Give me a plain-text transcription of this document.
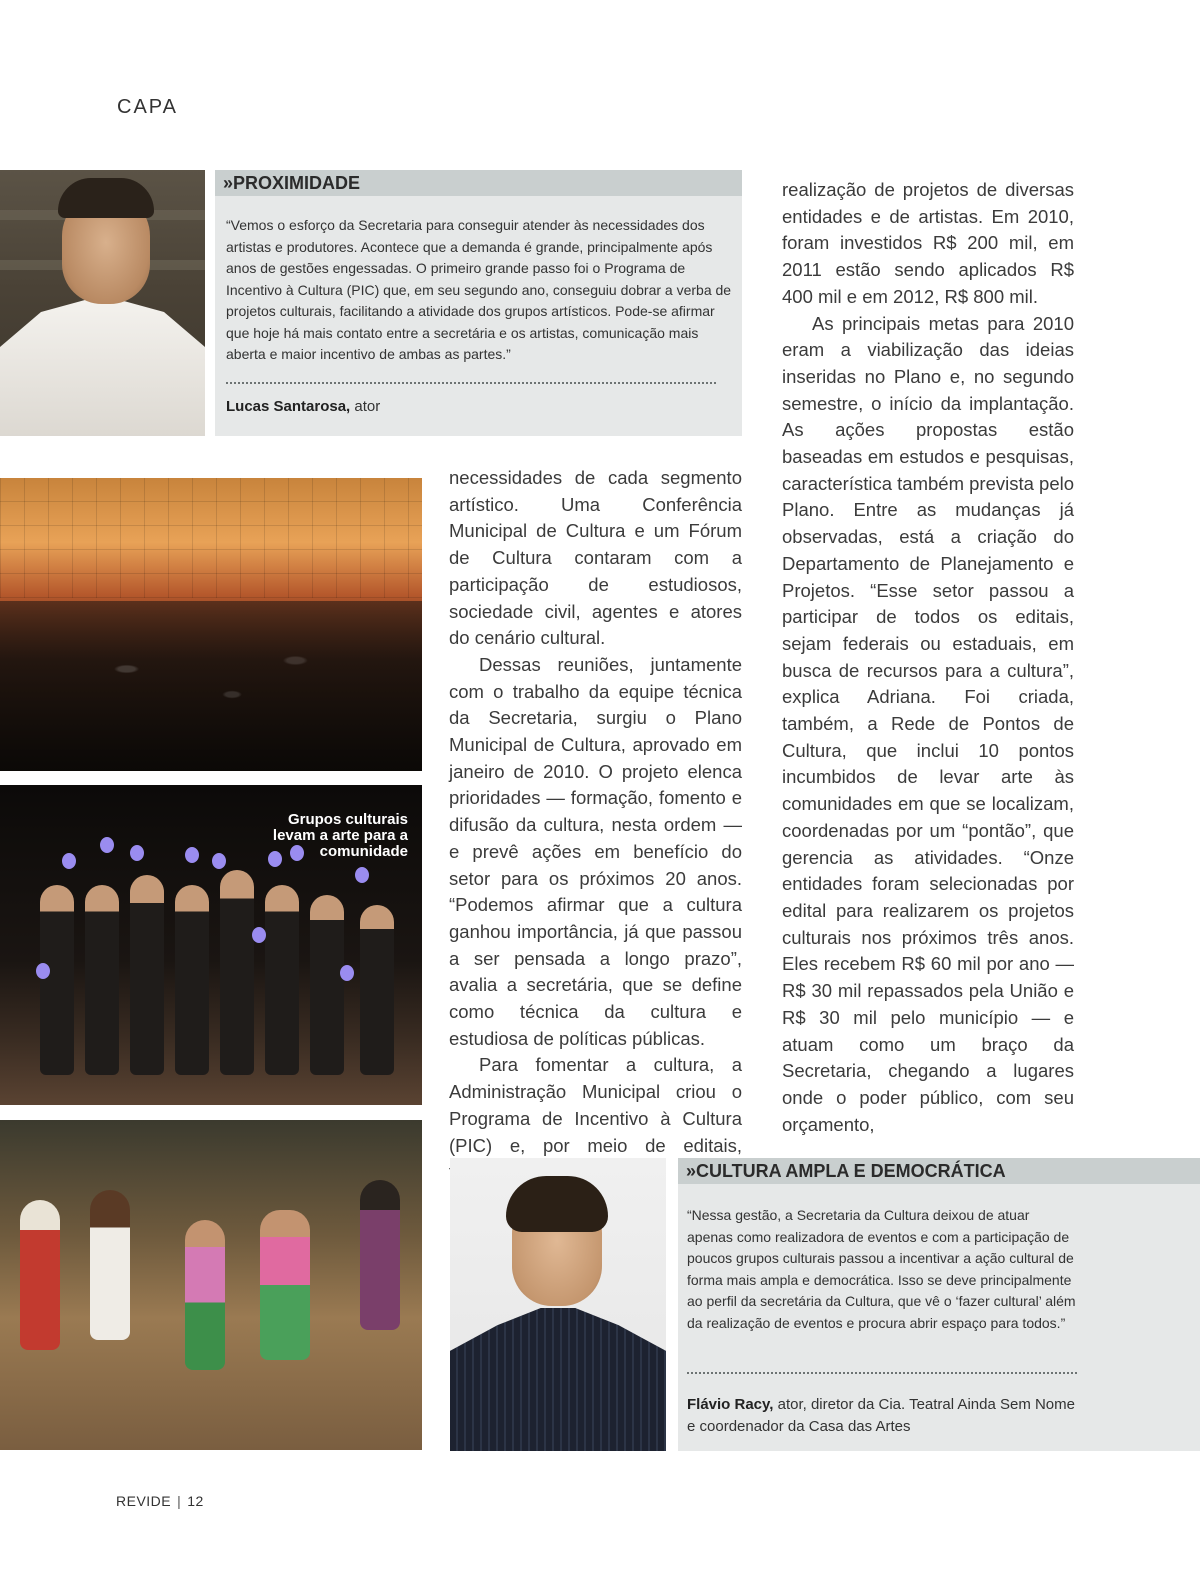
CAPA
»PROXIMIDADE

“Vemos o esforço da Secretaria para conseguir atender às necessidades dos artistas e produtores. Acontece que a demanda é grande, principalmente após anos de gestões engessadas. O primeiro grande passo foi o Programa de Incentivo à Cultura (PIC) que, em seu segundo ano, conseguiu dobrar a verba de projetos culturais, facilitando a atividade dos grupos artísticos. Pode-se afirmar que hoje há mais contato entre a secretária e os artistas, comunicação mais aberta e maior incentivo de ambas as partes.”

Lucas Santarosa, ator
Grupos culturais levam a arte para a comunidade

necessidades de cada segmento artístico. Uma Conferência Municipal de Cultura e um Fórum de Cultura contaram com a participação de estudiosos, sociedade civil, agentes e atores do cenário cultural.

Dessas reuniões, juntamente com o trabalho da equipe técnica da Secretaria, surgiu o Plano Municipal de Cultura, aprovado em janeiro de 2010. O projeto elenca prioridades — formação, fomento e difusão da cultura, nesta ordem — e prevê ações em benefício do setor para os próximos 20 anos. “Podemos afirmar que a cultura ganhou importância, já que passou a ser pensada a longo prazo”, avalia a secretária, que se define como técnica da cultura e estudiosa de políticas públicas.

Para fomentar a cultura, a Administração Municipal criou o Programa de Incentivo à Cultura (PIC) e, por meio de editais,

realização de projetos de diversas entidades e de artistas. Em 2010, foram investidos R$ 200 mil, em 2011 estão sendo aplicados R$ 400 mil e em 2012, R$ 800 mil.

As principais metas para 2010 eram a viabilização das ideias inseridas no Plano e, no segundo semestre, o início da implantação. As ações propostas estão baseadas em estudos e pesquisas, característica também prevista pelo Plano. Entre as mudanças já observadas, está a criação do Departamento de Planejamento e Projetos. “Esse setor passou a participar de todos os editais, sejam federais ou estaduais, em busca de recursos para a cultura”, explica Adriana. Foi criada, também, a Rede de Pontos de Cultura, que inclui 10 pontos incumbidos de levar arte às comunidades em que se localizam, coordenadas por um “pontão”, que gerencia as atividades. “Onze entidades foram selecionadas por edital para realizarem os projetos culturais nos próximos três anos. Eles recebem R$ 60 mil por ano — R$ 30 mil repassados pela União e R$ 30 mil pelo município — e atuam como um braço da Secretaria, chegando a lugares onde o poder público, com seu orçamento,

»CULTURA AMPLA E DEMOCRÁTICA

“Nessa gestão, a Secretaria da Cultura deixou de atuar apenas como realizadora de eventos e com a participação de poucos grupos culturais passou a incentivar a ação cultural de forma mais ampla e democrática. Isso se deve principalmente ao perfil da secretária da Cultura, que vê o ‘fazer cultural’ além da realização de eventos e procura abrir espaço para todos.”

Flávio Racy, ator, diretor da Cia. Teatral Ainda Sem Nome e coordenador da Casa das Artes
REVIDE | 12
